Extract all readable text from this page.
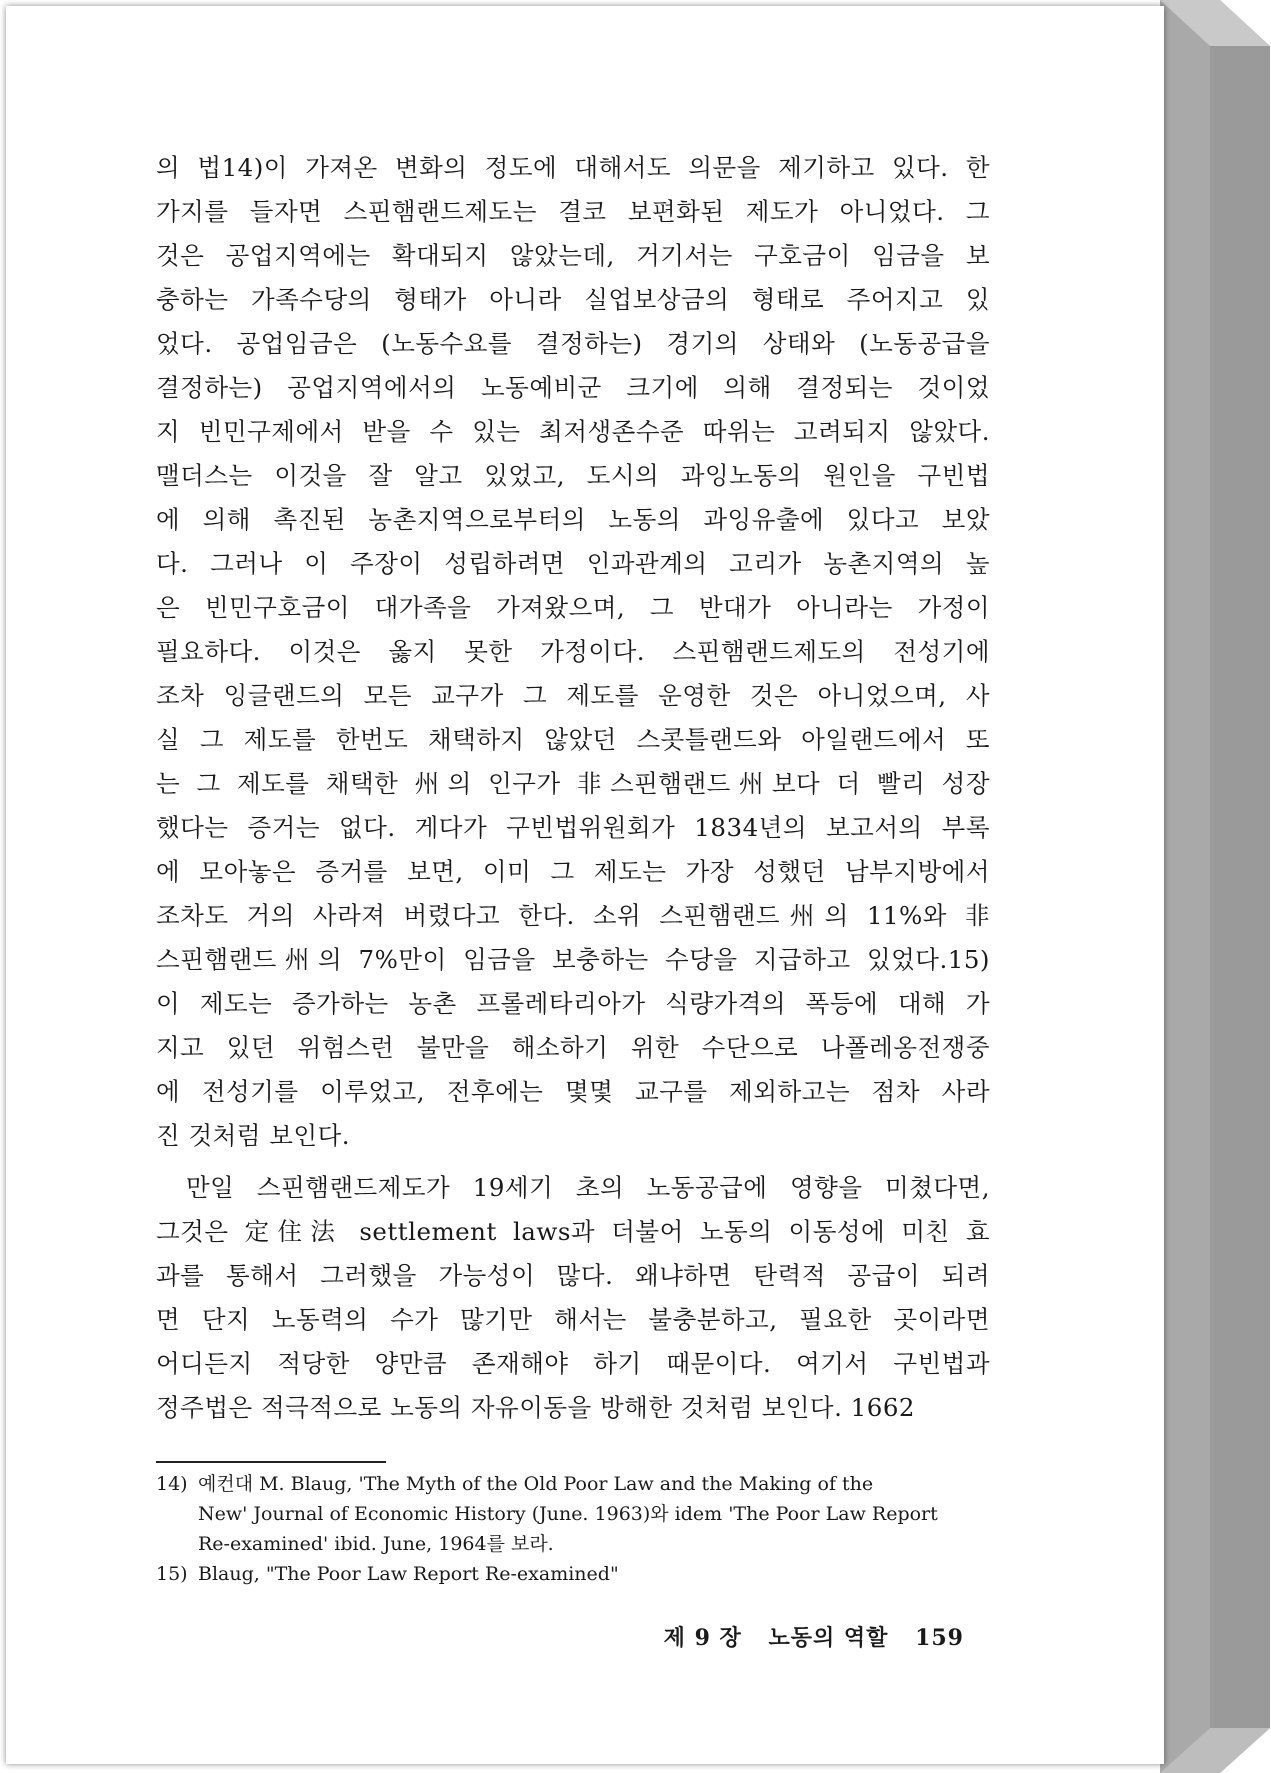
의 법14)이 가져온 변화의 정도에 대해서도 의문을 제기하고 있다. 한
가지를 들자면 스핀햄랜드제도는 결코 보편화된 제도가 아니었다. 그
것은 공업지역에는 확대되지 않았는데, 거기서는 구호금이 임금을 보
충하는 가족수당의 형태가 아니라 실업보상금의 형태로 주어지고 있
었다. 공업임금은 (노동수요를 결정하는) 경기의 상태와 (노동공급을
결정하는) 공업지역에서의 노동예비군 크기에 의해 결정되는 것이었
지 빈민구제에서 받을 수 있는 최저생존수준 따위는 고려되지 않았다.
맬더스는 이것을 잘 알고 있었고, 도시의 과잉노동의 원인을 구빈법
에 의해 촉진된 농촌지역으로부터의 노동의 과잉유출에 있다고 보았
다. 그러나 이 주장이 성립하려면 인과관계의 고리가 농촌지역의 높
은 빈민구호금이 대가족을 가져왔으며, 그 반대가 아니라는 가정이
필요하다. 이것은 옳지 못한 가정이다. 스핀햄랜드제도의 전성기에
조차 잉글랜드의 모든 교구가 그 제도를 운영한 것은 아니었으며, 사
실 그 제도를 한번도 채택하지 않았던 스콧틀랜드와 아일랜드에서 또
는 그 제도를 채택한 州의 인구가 非스핀햄랜드州보다 더 빨리 성장
했다는 증거는 없다. 게다가 구빈법위원회가 1834년의 보고서의 부록
에 모아놓은 증거를 보면, 이미 그 제도는 가장 성했던 남부지방에서
조차도 거의 사라져 버렸다고 한다. 소위 스핀햄랜드州의 11%와 非
스핀햄랜드州의 7%만이 임금을 보충하는 수당을 지급하고 있었다.15)
이 제도는 증가하는 농촌 프롤레타리아가 식량가격의 폭등에 대해 가
지고 있던 위험스런 불만을 해소하기 위한 수단으로 나폴레옹전쟁중
에 전성기를 이루었고, 전후에는 몇몇 교구를 제외하고는 점차 사라
진 것처럼 보인다.
만일 스핀햄랜드제도가 19세기 초의 노동공급에 영향을 미쳤다면,
그것은 定住法 settlement laws과 더불어 노동의 이동성에 미친 효
과를 통해서 그러했을 가능성이 많다. 왜냐하면 탄력적 공급이 되려
면 단지 노동력의 수가 많기만 해서는 불충분하고, 필요한 곳이라면
어디든지 적당한 양만큼 존재해야 하기 때문이다. 여기서 구빈법과
정주법은 적극적으로 노동의 자유이동을 방해한 것처럼 보인다. 1662
14) 예컨대 M. Blaug, 'The Myth of the Old Poor Law and the Making of the
New' Journal of Economic History (June. 1963)와 idem 'The Poor Law Report
Re-examined' ibid. June, 1964를 보라.
15) Blaug, "The Poor Law Report Re-examined"
제 9 장 노동의 역할 159
